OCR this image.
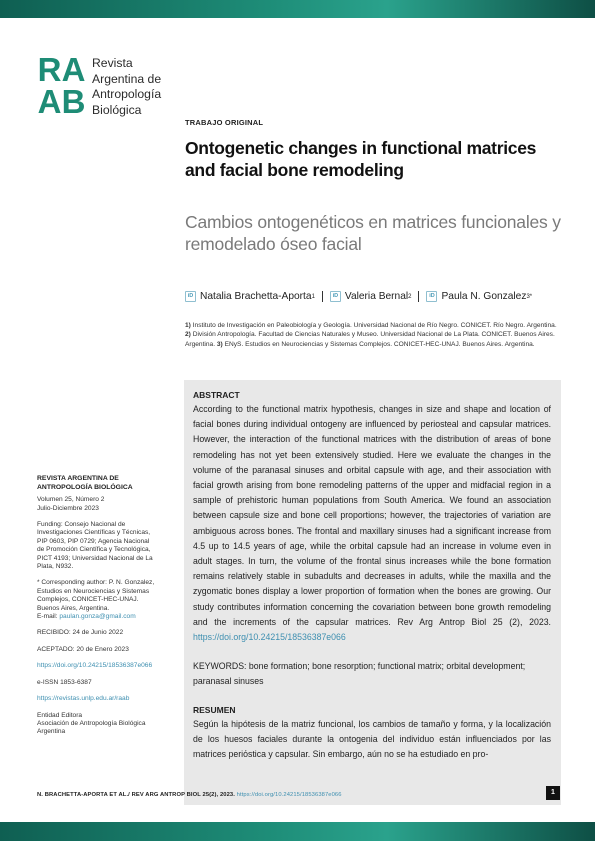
R A
A B
Revista
Argentina de
Antropología
Biológica
TRABAJO ORIGINAL
Ontogenetic changes in functional matrices and facial bone remodeling
Cambios ontogenéticos en matrices funcionales y remodelado óseo facial
iD Natalia Brachetta-Aporta 1	iD Valeria Bernal 2	iD Paula N. Gonzalez 3*
1) Instituto de Investigación en Paleobiología y Geología. Universidad Nacional de Río Negro. CONICET. Río Negro. Argentina. 2) División Antropología. Facultad de Ciencias Naturales y Museo. Universidad Nacional de La Plata. CONICET. Buenos Aires. Argentina. 3) ENyS. Estudios en Neurociencias y Sistemas Complejos. CONICET-HEC-UNAJ. Buenos Aires. Argentina.
REVISTA ARGENTINA DE
ANTROPOLOGÍA BIOLÓGICA
Volumen 25, Número 2
Julio-Diciembre 2023
Funding: Consejo Nacional de Investigaciones Científicas y Técnicas, PIP 0603, PIP 0729; Agencia Nacional de Promoción Científica y Tecnológica, PICT 4193; Universidad Nacional de La Plata, N932.
* Corresponding author: P. N. Gonzalez, Estudios en Neurociencias y Sistemas Complejos, CONICET-HEC-UNAJ. Buenos Aires, Argentina.
E-mail: paulan.gonza@gmail.com
RECIBIDO: 24 de Junio 2022
ACEPTADO: 20 de Enero 2023
https://doi.org/10.24215/18536387e066
e-ISSN 1853-6387
https://revistas.unlp.edu.ar/raab
Entidad Editora
Asociación de Antropología Biológica Argentina
ABSTRACT
According to the functional matrix hypothesis, changes in size and shape and location of facial bones during individual ontogeny are influenced by periosteal and capsular matrices. However, the interaction of the functional matrices with the distribution of areas of bone remodeling has not yet been extensively studied. Here we evaluate the changes in the volume of the paranasal sinuses and orbital capsule with age, and their association with facial growth arising from bone remodeling patterns of the upper and midfacial region in a sample of prehistoric human populations from South America. We found an association between capsule size and bone cell proportions; however, the trajectories of variation are ambiguous across bones. The frontal and maxillary sinuses had a significant increase from 4.5 up to 14.5 years of age, while the orbital capsule had an increase in volume even in adult stages. In turn, the volume of the frontal sinus increases while the bone formation remains relatively stable in subadults and decreases in adults, while the maxilla and the zygomatic bones display a lower proportion of formation when the bones are growing. Our study contributes information concerning the covariation between bone growth remodeling and the increments of the capsular matrices. Rev Arg Antrop Biol 25 (2), 2023. https://doi.org/10.24215/18536387e066
KEYWORDS: bone formation; bone resorption; functional matrix; orbital development; paranasal sinuses
RESUMEN
Según la hipótesis de la matriz funcional, los cambios de tamaño y forma, y la localización de los huesos faciales durante la ontogenia del individuo están influenciados por las matrices periόstica y capsular. Sin embargo, aún no se ha estudiado en pro-
N. BRACHETTA-APORTA ET AL./ REV ARG ANTROP BIOL 25(2), 2023. https://doi.org/10.24215/18536387e066	1
